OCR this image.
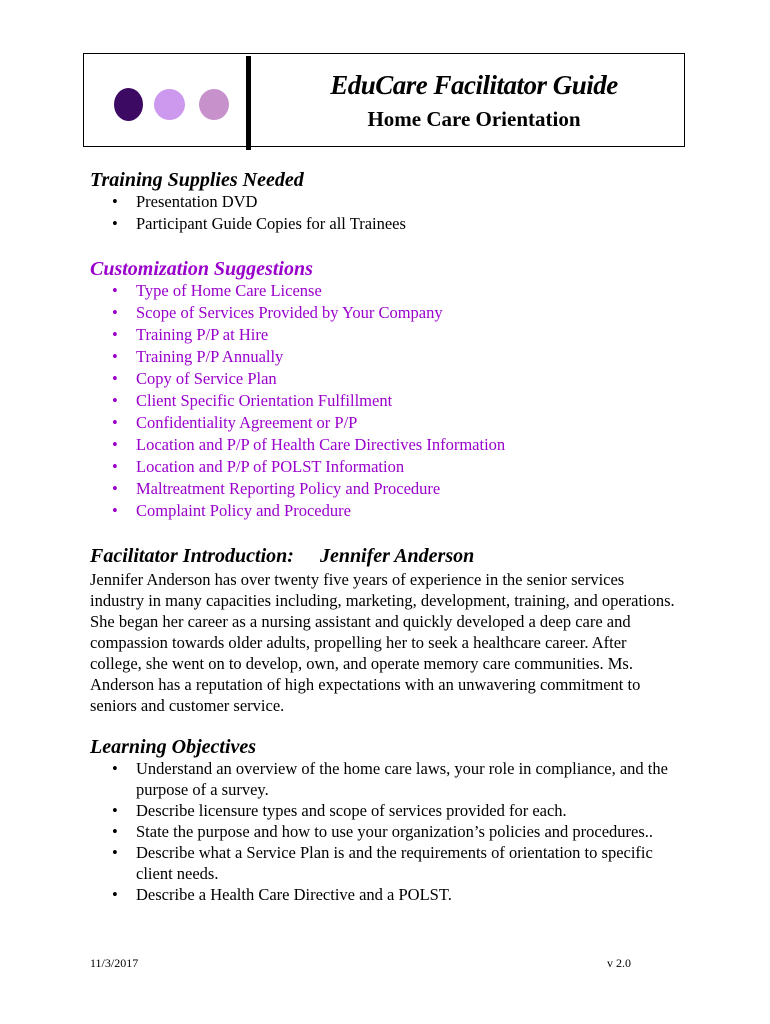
EduCare Facilitator Guide
Home Care Orientation
Training Supplies Needed
• Presentation DVD
• Participant Guide Copies for all Trainees
Customization Suggestions
• Type of Home Care License
• Scope of Services Provided by Your Company
• Training P/P at Hire
• Training P/P Annually
• Copy of Service Plan
• Client Specific Orientation Fulfillment
• Confidentiality Agreement or P/P
• Location and P/P of Health Care Directives Information
• Location and P/P of POLST Information
• Maltreatment Reporting Policy and Procedure
• Complaint Policy and Procedure
Facilitator Introduction: Jennifer Anderson

Jennifer Anderson has over twenty five years of experience in the senior services industry in many capacities including, marketing, development, training, and operations. She began her career as a nursing assistant and quickly developed a deep care and compassion towards older adults, propelling her to seek a healthcare career. After college, she went on to develop, own, and operate memory care communities. Ms. Anderson has a reputation of high expectations with an unwavering commitment to seniors and customer service.

Learning Objectives
• Understand an overview of the home care laws, your role in compliance, and the purpose of a survey.
• Describe licensure types and scope of services provided for each.
• State the purpose and how to use your organization’s policies and procedures..
• Describe what a Service Plan is and the requirements of orientation to specific client needs.
• Describe a Health Care Directive and a POLST.
11/3/2017	v 2.0
